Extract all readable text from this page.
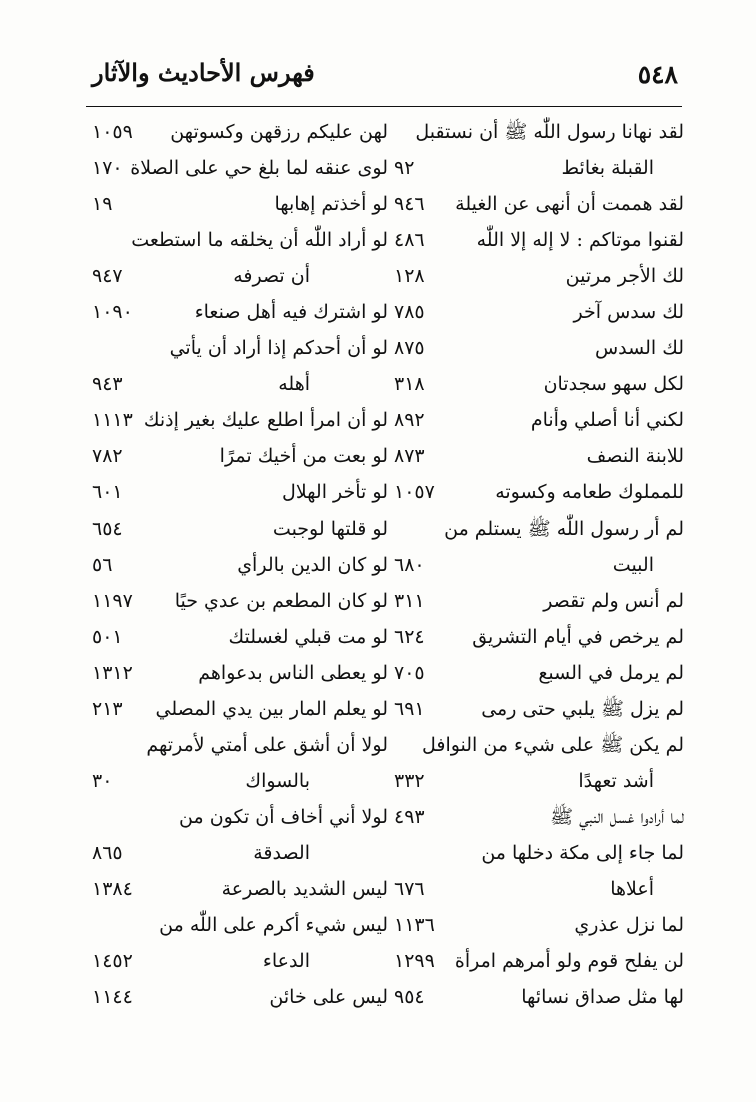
٥٤٨
فهرس الأحاديث والآثار
لقد نهانا رسول اللّٰه ﷺ أن نستقبل
القبلة بغائط
٩٢
لقد هممت أن أنهى عن الغيلة
٩٤٦
لقنوا موتاكم : لا إله إلا اللّٰه
٤٨٦
لك الأجر مرتين
١٢٨
لك سدس آخر
٧٨٥
لك السدس
٨٧٥
لكل سهو سجدتان
٣١٨
لكني أنا أصلي وأنام
٨٩٢
للابنة النصف
٨٧٣
للمملوك طعامه وكسوته
١٠٥٧
لم أر رسول اللّٰه ﷺ يستلم من
البيت
٦٨٠
لم أنس ولم تقصر
٣١١
لم يرخص في أيام التشريق
٦٢٤
لم يرمل في السبع
٧٠٥
لم يزل ﷺ يلبي حتى رمى
٦٩١
لم يكن ﷺ على شيء من النوافل
أشد تعهدًا
٣٣٢
لما أرادوا غسل النبي ﷺ
٤٩٣
لما جاء إلى مكة دخلها من
أعلاها
٦٧٦
لما نزل عذري
١١٣٦
لن يفلح قوم ولو أمرهم امرأة
١٢٩٩
لها مثل صداق نسائها
٩٥٤
لهن عليكم رزقهن وكسوتهن
١٠٥٩
لوى عنقه لما بلغ حي على الصلاة
١٧٠
لو أخذتم إهابها
١٩
لو أراد اللّٰه أن يخلقه ما استطعت
أن تصرفه
٩٤٧
لو اشترك فيه أهل صنعاء
١٠٩٠
لو أن أحدكم إذا أراد أن يأتي
أهله
٩٤٣
لو أن امرأ اطلع عليك بغير إذنك
١١١٣
لو بعت من أخيك تمرًا
٧٨٢
لو تأخر الهلال
٦٠١
لو قلتها لوجبت
٦٥٤
لو كان الدين بالرأي
٥٦
لو كان المطعم بن عدي حيًا
١١٩٧
لو مت قبلي لغسلتك
٥٠١
لو يعطى الناس بدعواهم
١٣١٢
لو يعلم المار بين يدي المصلي
٢١٣
لولا أن أشق على أمتي لأمرتهم
بالسواك
٣٠
لولا أني أخاف أن تكون من
الصدقة
٨٦٥
ليس الشديد بالصرعة
١٣٨٤
ليس شيء أكرم على اللّٰه من
الدعاء
١٤٥٢
ليس على خائن
١١٤٤
